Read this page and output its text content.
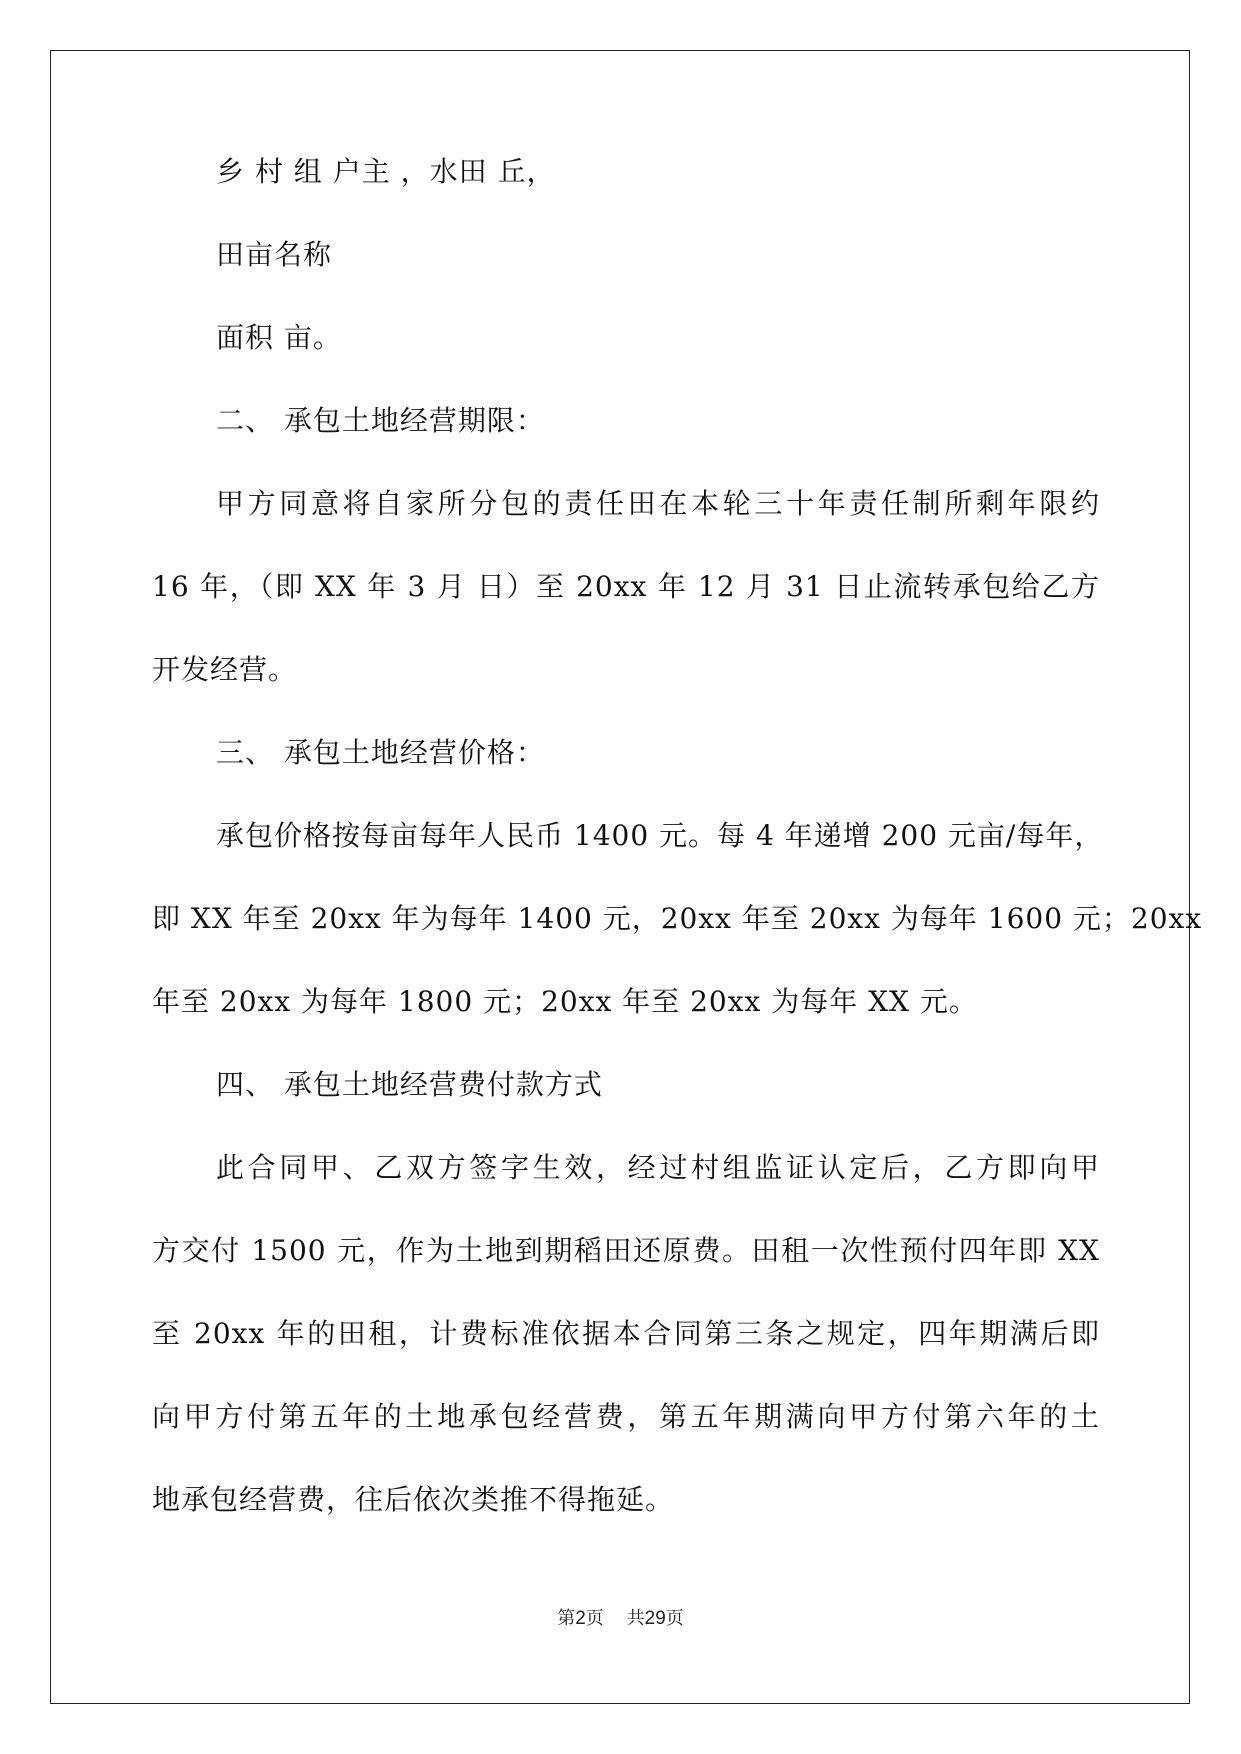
乡 村 组 户主 ，水田 丘，

田亩名称

面积 亩。

二、 承包土地经营期限：

甲方同意将自家所分包的责任田在本轮三十年责任制所剩年限约

16 年，（即 XX 年 3 月 日）至 20xx 年 12 月 31 日止流转承包给乙方

开发经营。

三、 承包土地经营价格：

承包价格按每亩每年人民币 1400 元。每 4 年递增 200 元亩/每年，

即 XX 年至 20xx 年为每年 1400 元，20xx 年至 20xx 为每年 1600 元；20xx

年至 20xx 为每年 1800 元；20xx 年至 20xx 为每年 XX 元。

四、 承包土地经营费付款方式

此合同甲、乙双方签字生效，经过村组监证认定后，乙方即向甲

方交付 1500 元，作为土地到期稻田还原费。田租一次性预付四年即 XX

至 20xx 年的田租，计费标准依据本合同第三条之规定，四年期满后即

向甲方付第五年的土地承包经营费，第五年期满向甲方付第六年的土

地承包经营费，往后依次类推不得拖延。

第2页 共29页
